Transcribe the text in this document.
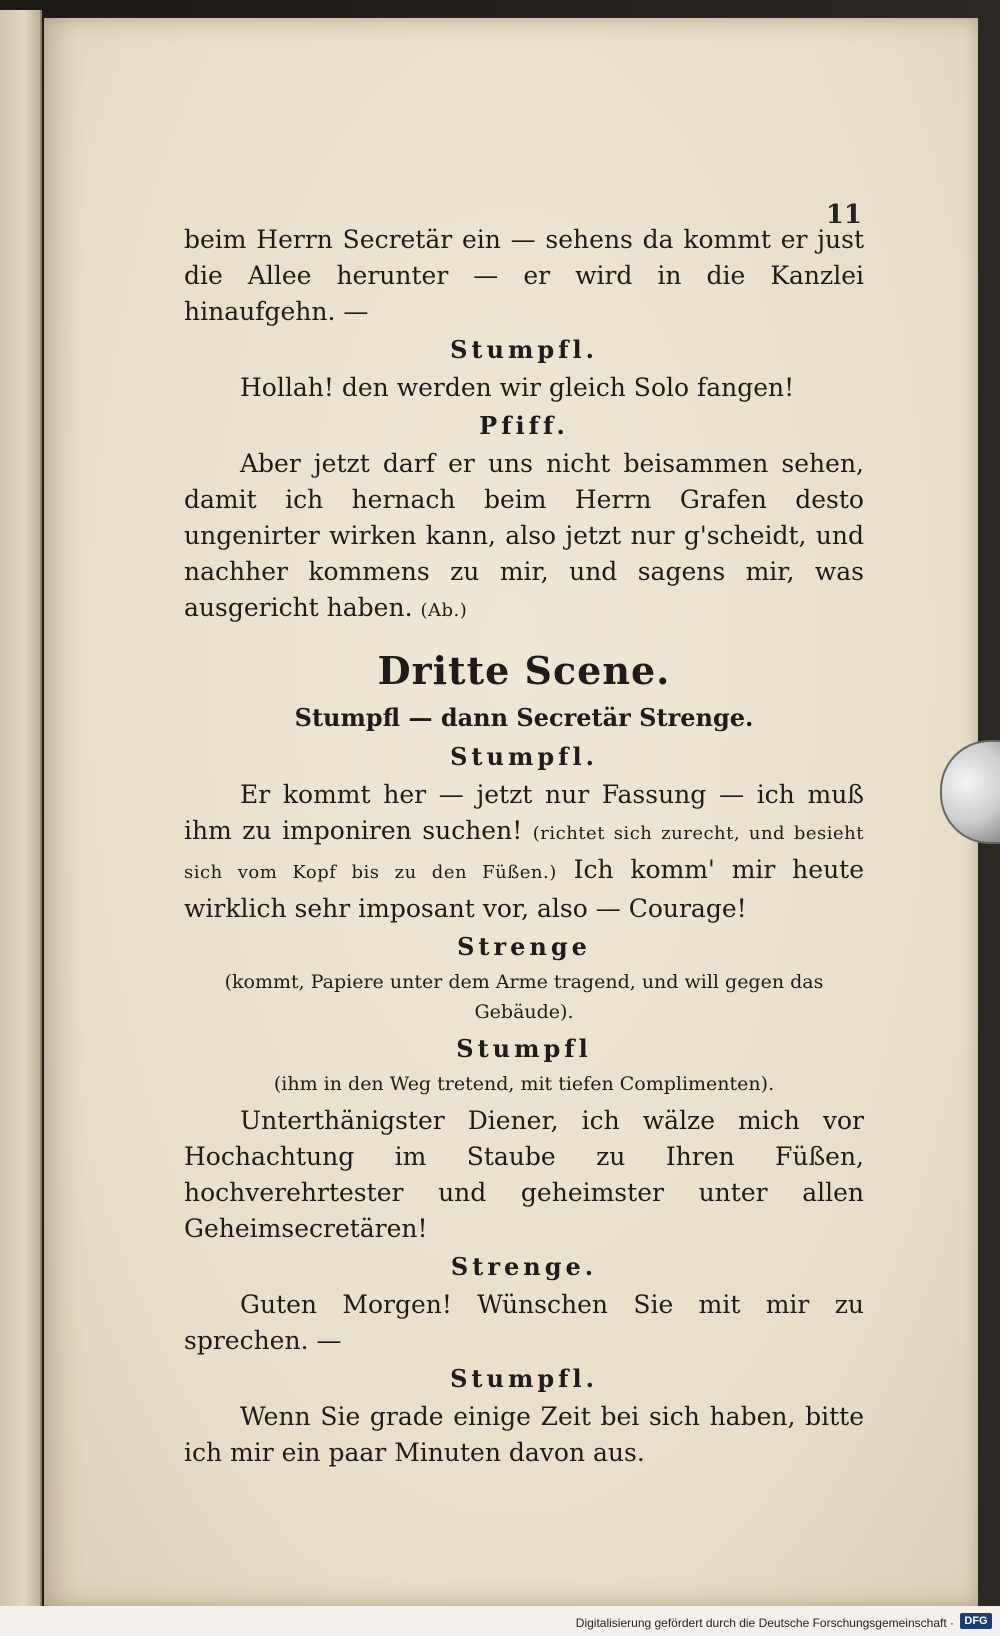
11

beim Herrn Secretär ein — sehens da kommt er just die Allee herunter — er wird in die Kanzlei hinaufgehn. —

Stumpfl.

Hollah! den werden wir gleich Solo fangen!

Pfiff.

Aber jetzt darf er uns nicht beisammen sehen, damit ich hernach beim Herrn Grafen desto ungenirter wirken kann, also jetzt nur g'scheidt, und nachher kommens zu mir, und sagens mir, was ausgericht haben. (Ab.)

Dritte Scene.
Stumpfl — dann Secretär Strenge.
Stumpfl.

Er kommt her — jetzt nur Fassung — ich muß ihm zu imponiren suchen! (richtet sich zurecht, und besieht sich vom Kopf bis zu den Füßen.) Ich komm' mir heute wirklich sehr imposant vor, also — Courage!

Strenge
(kommt, Papiere unter dem Arme tragend, und will gegen das Gebäude).
Stumpfl
(ihm in den Weg tretend, mit tiefen Complimenten).

Unterthänigster Diener, ich wälze mich vor Hochachtung im Staube zu Ihren Füßen, hochverehrtester und geheimster unter allen Geheimsecretären!

Strenge.

Guten Morgen! Wünschen Sie mit mir zu sprechen. —

Stumpfl.

Wenn Sie grade einige Zeit bei sich haben, bitte ich mir ein paar Minuten davon aus.

Digitalisierung gefördert durch die Deutsche Forschungsgemeinschaft · DFG
